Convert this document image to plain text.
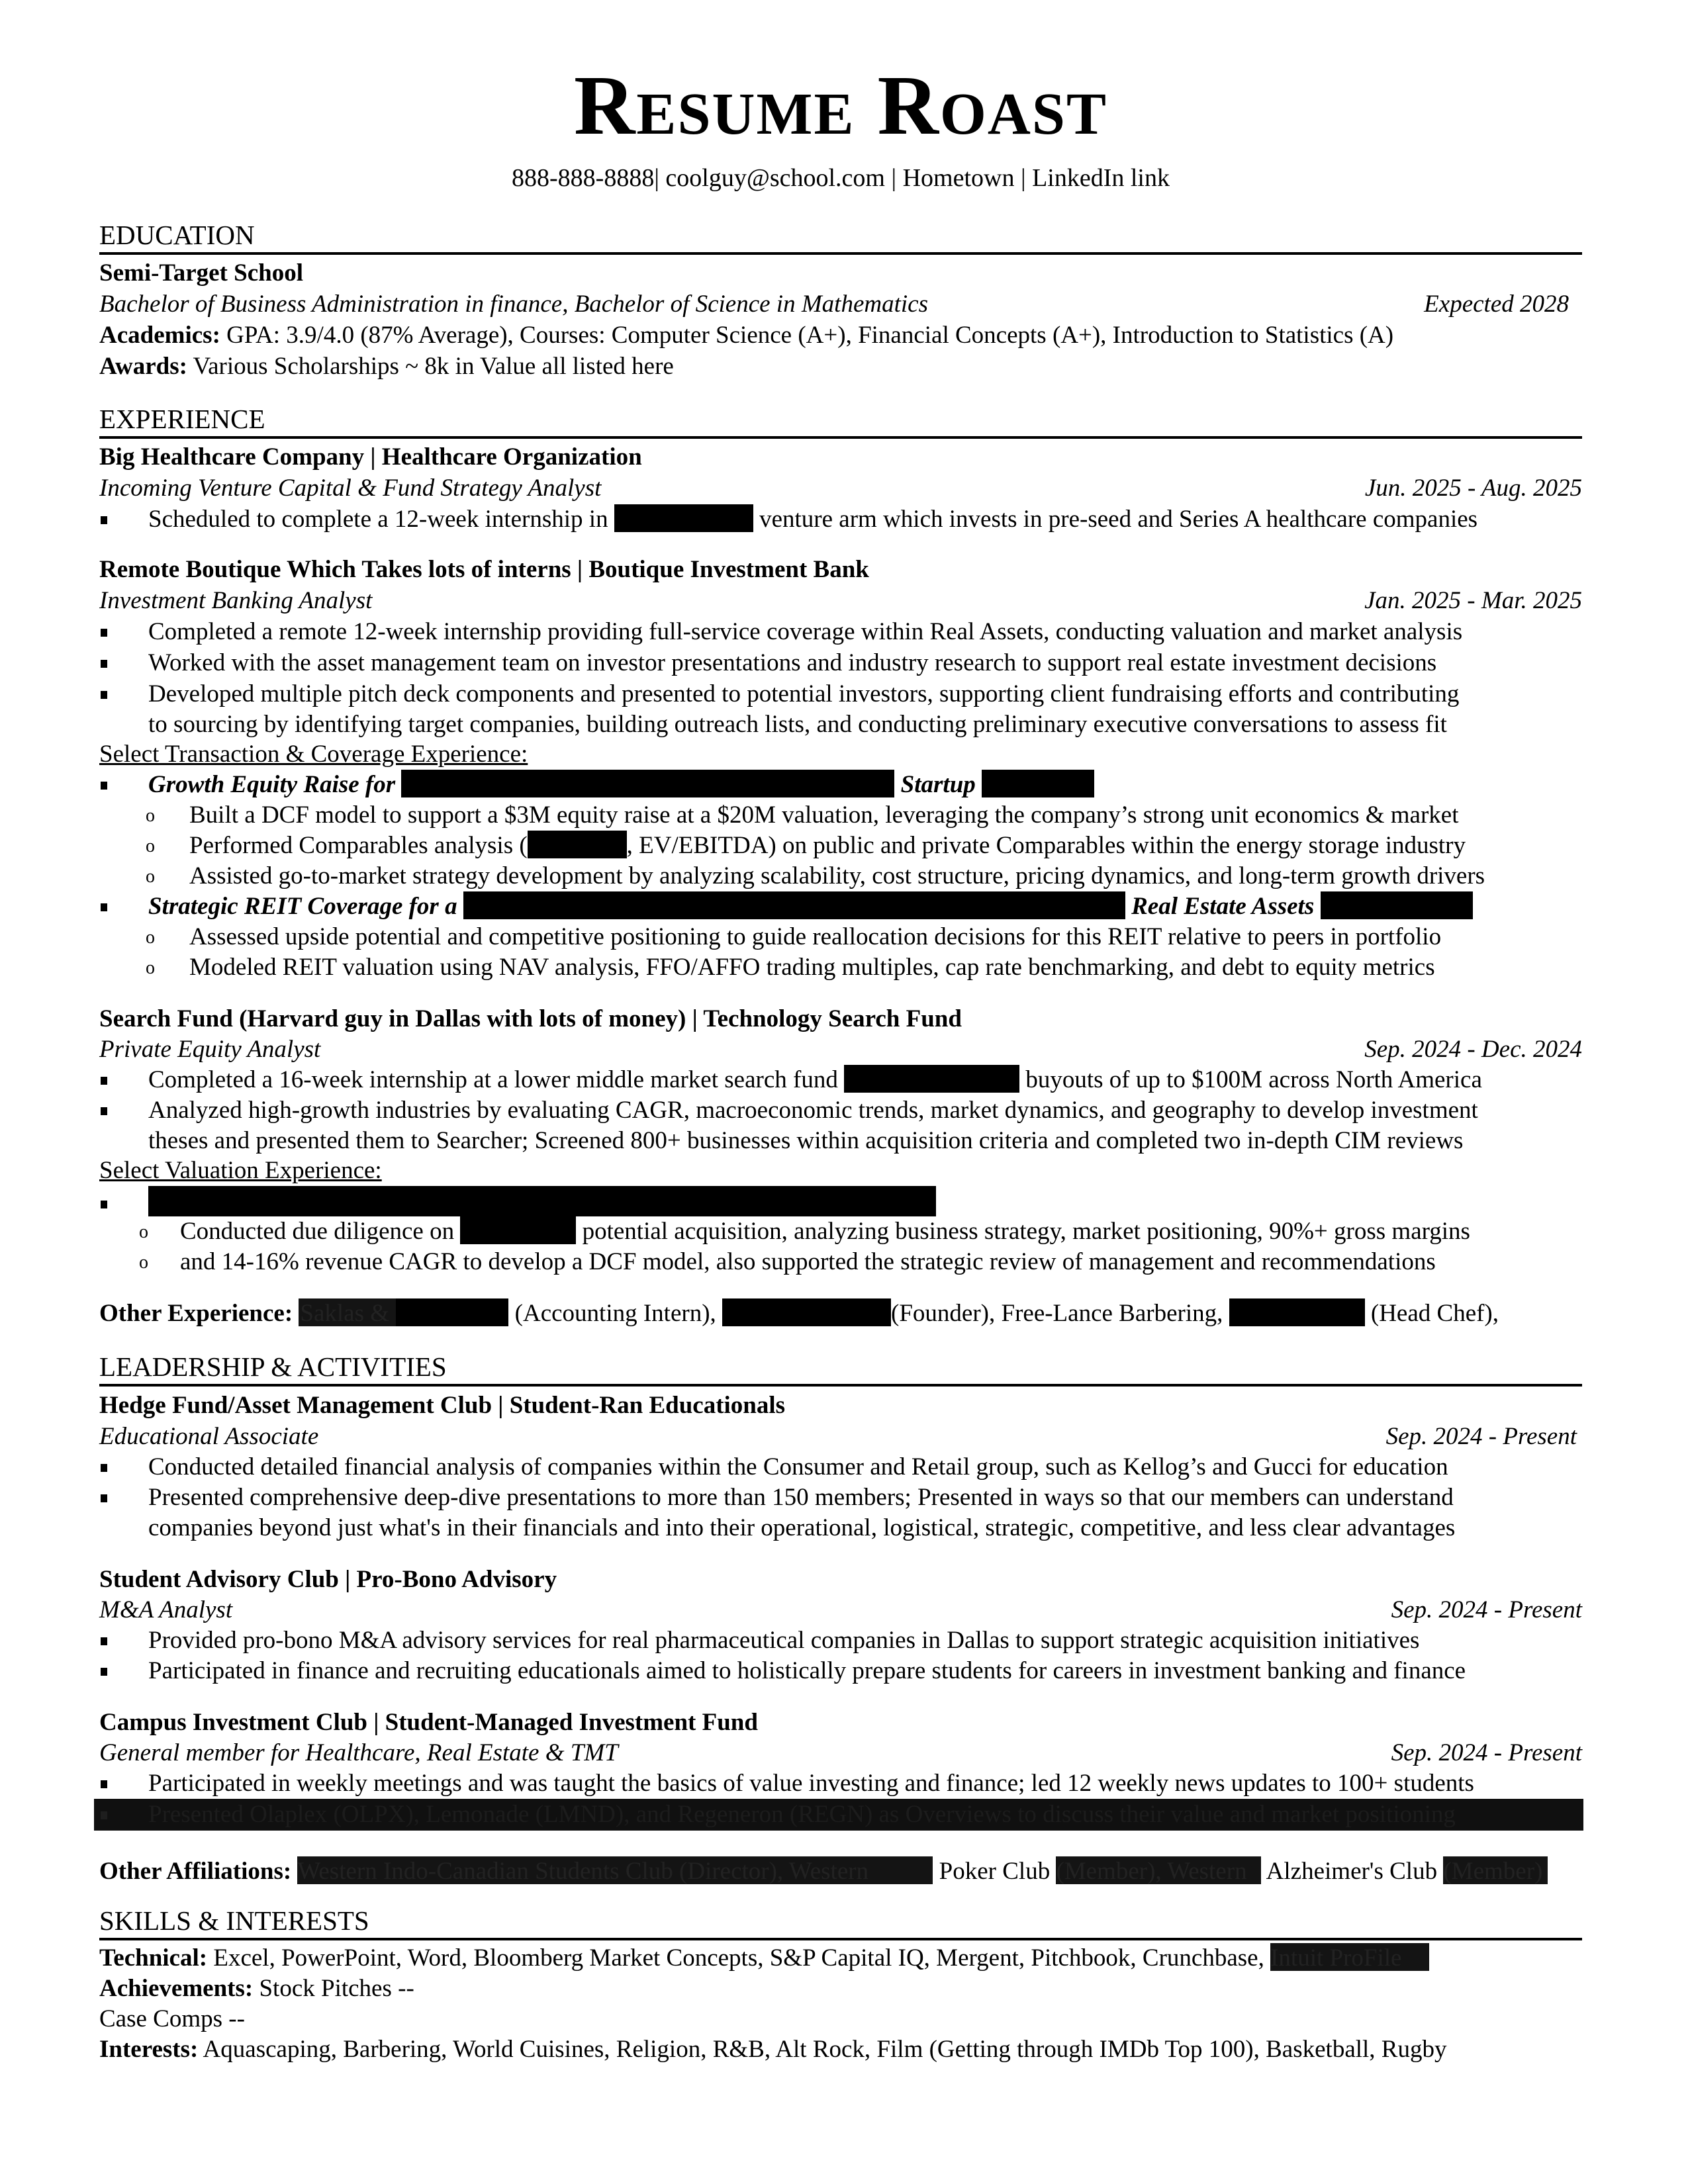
Resume Roast
888-888-8888| coolguy@school.com | Hometown | LinkedIn link
EDUCATION
Semi-Target School
Bachelor of Business Administration in finance, Bachelor of Science in Mathematics	Expected 2028
Academics: GPA: 3.9/4.0 (87% Average), Courses: Computer Science (A+), Financial Concepts (A+), Introduction to Statistics (A)
Awards: Various Scholarships ~ 8k in Value all listed here
EXPERIENCE
Big Healthcare Company | Healthcare Organization
Incoming Venture Capital & Fund Strategy Analyst	Jun. 2025 - Aug. 2025
Scheduled to complete a 12-week internship in	venture arm which invests in pre-seed and Series A healthcare companies
Remote Boutique Which Takes lots of interns | Boutique Investment Bank
Investment Banking Analyst	Jan. 2025 - Mar. 2025
Completed a remote 12-week internship providing full-service coverage within Real Assets, conducting valuation and market analysis
Worked with the asset management team on investor presentations and industry research to support real estate investment decisions
Developed multiple pitch deck components and presented to potential investors, supporting client fundraising efforts and contributing
to sourcing by identifying target companies, building outreach lists, and conducting preliminary executive conversations to assess fit
Select Transaction & Coverage Experience:
Growth Equity Raise for	Startup
o Built a DCF model to support a $3M equity raise at a $20M valuation, leveraging the company’s strong unit economics & market
o Performed Comparables analysis (	, EV/EBITDA) on public and private Comparables within the energy storage industry
o Assisted go-to-market strategy development by analyzing scalability, cost structure, pricing dynamics, and long-term growth drivers
Strategic REIT Coverage for a	Real Estate Assets
o Assessed upside potential and competitive positioning to guide reallocation decisions for this REIT relative to peers in portfolio
o Modeled REIT valuation using NAV analysis, FFO/AFFO trading multiples, cap rate benchmarking, and debt to equity metrics
Search Fund (Harvard guy in Dallas with lots of money) | Technology Search Fund
Private Equity Analyst	Sep. 2024 - Dec. 2024
Completed a 16-week internship at a lower middle market search fund	buyouts of up to $100M across North America
Analyzed high-growth industries by evaluating CAGR, macroeconomic trends, market dynamics, and geography to develop investment
theses and presented them to Searcher; Screened 800+ businesses within acquisition criteria and completed two in-depth CIM reviews
Select Valuation Experience:
o Conducted due diligence on	potential acquisition, analyzing business strategy, market positioning, 90%+ gross margins
o and 14-16% revenue CAGR to develop a DCF model, also supported the strategic review of management and recommendations
Other Experience: Saklas &	(Accounting Intern),	(Founder), Free-Lance Barbering,	(Head Chef),
LEADERSHIP & ACTIVITIES
Hedge Fund/Asset Management Club | Student-Ran Educationals
Educational Associate	Sep. 2024 - Present
Conducted detailed financial analysis of companies within the Consumer and Retail group, such as Kellog’s and Gucci for education
Presented comprehensive deep-dive presentations to more than 150 members; Presented in ways so that our members can understand
companies beyond just what's in their financials and into their operational, logistical, strategic, competitive, and less clear advantages
Student Advisory Club | Pro-Bono Advisory
M&A Analyst	Sep. 2024 - Present
Provided pro-bono M&A advisory services for real pharmaceutical companies in Dallas to support strategic acquisition initiatives
Participated in finance and recruiting educationals aimed to holistically prepare students for careers in investment banking and finance
Campus Investment Club | Student-Managed Investment Fund
General member for Healthcare, Real Estate & TMT	Sep. 2024 - Present
Participated in weekly meetings and was taught the basics of value investing and finance; led 12 weekly news updates to 100+ students
Presented Olaplex (OLPX), Lemonade (LMND), and Regeneron (REGN) as Overviews to discuss their value and market positioning
Other Affiliations: Western Indo-Canadian Students Club (Director), Western	Poker Club (Member), Western Alzheimer's Club (Member)
SKILLS & INTERESTS
Technical: Excel, PowerPoint, Word, Bloomberg Market Concepts, S&P Capital IQ, Mergent, Pitchbook, Crunchbase, Intuit ProFile
Achievements: Stock Pitches --
Case Comps --
Interests: Aquascaping, Barbering, World Cuisines, Religion, R&B, Alt Rock, Film (Getting through IMDb Top 100), Basketball, Rugby
